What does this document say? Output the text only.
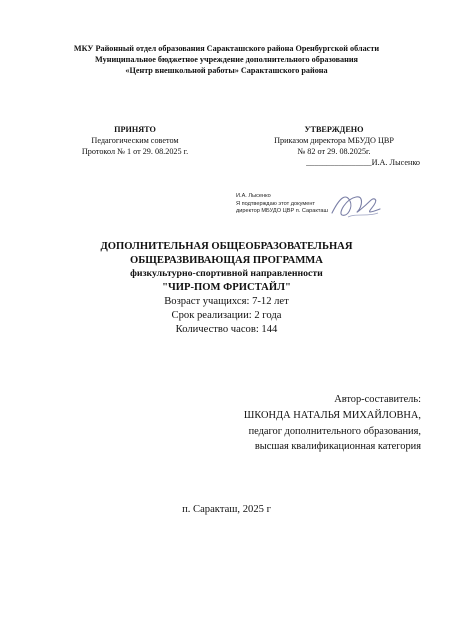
МКУ Районный отдел образования Саракташского района Оренбургской области
Муниципальное бюджетное учреждение дополнительного образования
«Центр внешкольной работы» Саракташского района
ПРИНЯТО
Педагогическим советом
Протокол № 1 от 29. 08.2025 г.
УТВЕРЖДЕНО
Приказом директора МБУДО ЦВР
№ 82 от 29. 08.2025г.
________________И.А. Лысенко
И.А. Лысенко
Я подтверждаю этот документ
директор МБУДО ЦВР п. Саракташ
ДОПОЛНИТЕЛЬНАЯ ОБЩЕОБРАЗОВАТЕЛЬНАЯ
ОБЩЕРАЗВИВАЮЩАЯ ПРОГРАММА
физкультурно-спортивной направленности
"ЧИР-ПОМ ФРИСТАЙЛ"
Возраст учащихся: 7-12 лет
Срок реализации: 2 года
Количество часов: 144
Автор-составитель:
ШКОНДА НАТАЛЬЯ МИХАЙЛОВНА,
педагог дополнительного образования,
высшая квалификационная категория
п. Саракташ, 2025 г
